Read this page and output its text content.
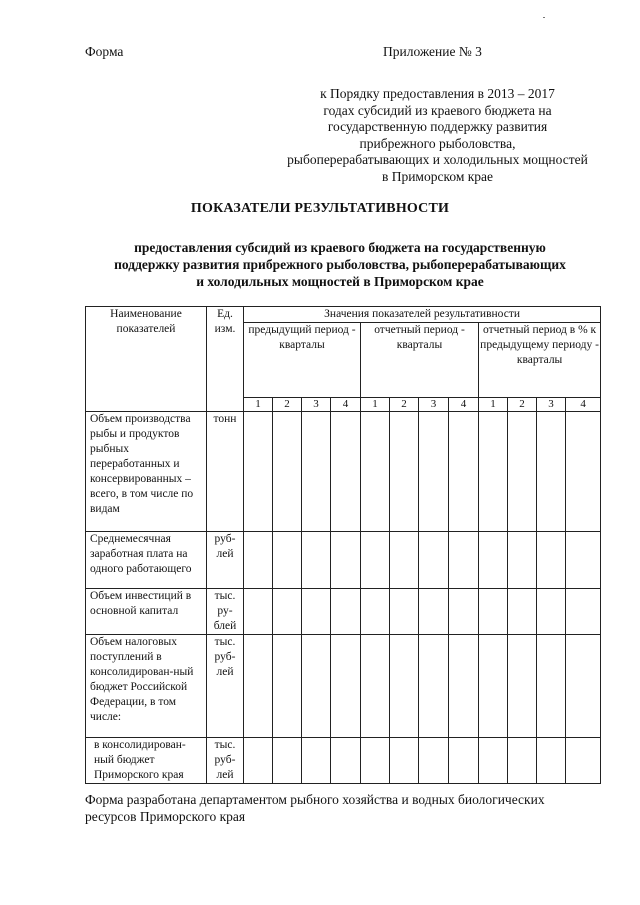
Форма	Приложение № 3
к Порядку предоставления в 2013 – 2017
годах субсидий из краевого бюджета на
государственную поддержку развития
прибрежного рыболовства,
рыбоперерабатывающих и холодильных мощностей
в Приморском крае
ПОКАЗАТЕЛИ РЕЗУЛЬТАТИВНОСТИ
предоставления субсидий из краевого бюджета на государственную
поддержку развития прибрежного рыболовства, рыбоперерабатывающих
и холодильных мощностей в Приморском крае
Наименование показателей	Ед. изм.	Значения показателей результативности											
		предыдущий период - кварталы				отчетный период - кварталы				отчетный период в % к предыдущему периоду - кварталы			
		1	2	3	4	1	2	3	4	1	2	3	4
Объем производства рыбы и продуктов рыбных переработанных и консервированных – всего, в том числе по видам	тонн												
Среднемесячная заработная плата на одного работающего	руб-лей												
Объем инвестиций в основной капитал	тыс. ру-блей												
Объем налоговых поступлений в консолидирован-ный бюджет Российской Федерации, в том числе:	тыс. руб-лей												
в консолидирован-ный бюджет Приморского края	тыс. руб-лей												
Форма разработана департаментом рыбного хозяйства и водных биологических
ресурсов Приморского края
